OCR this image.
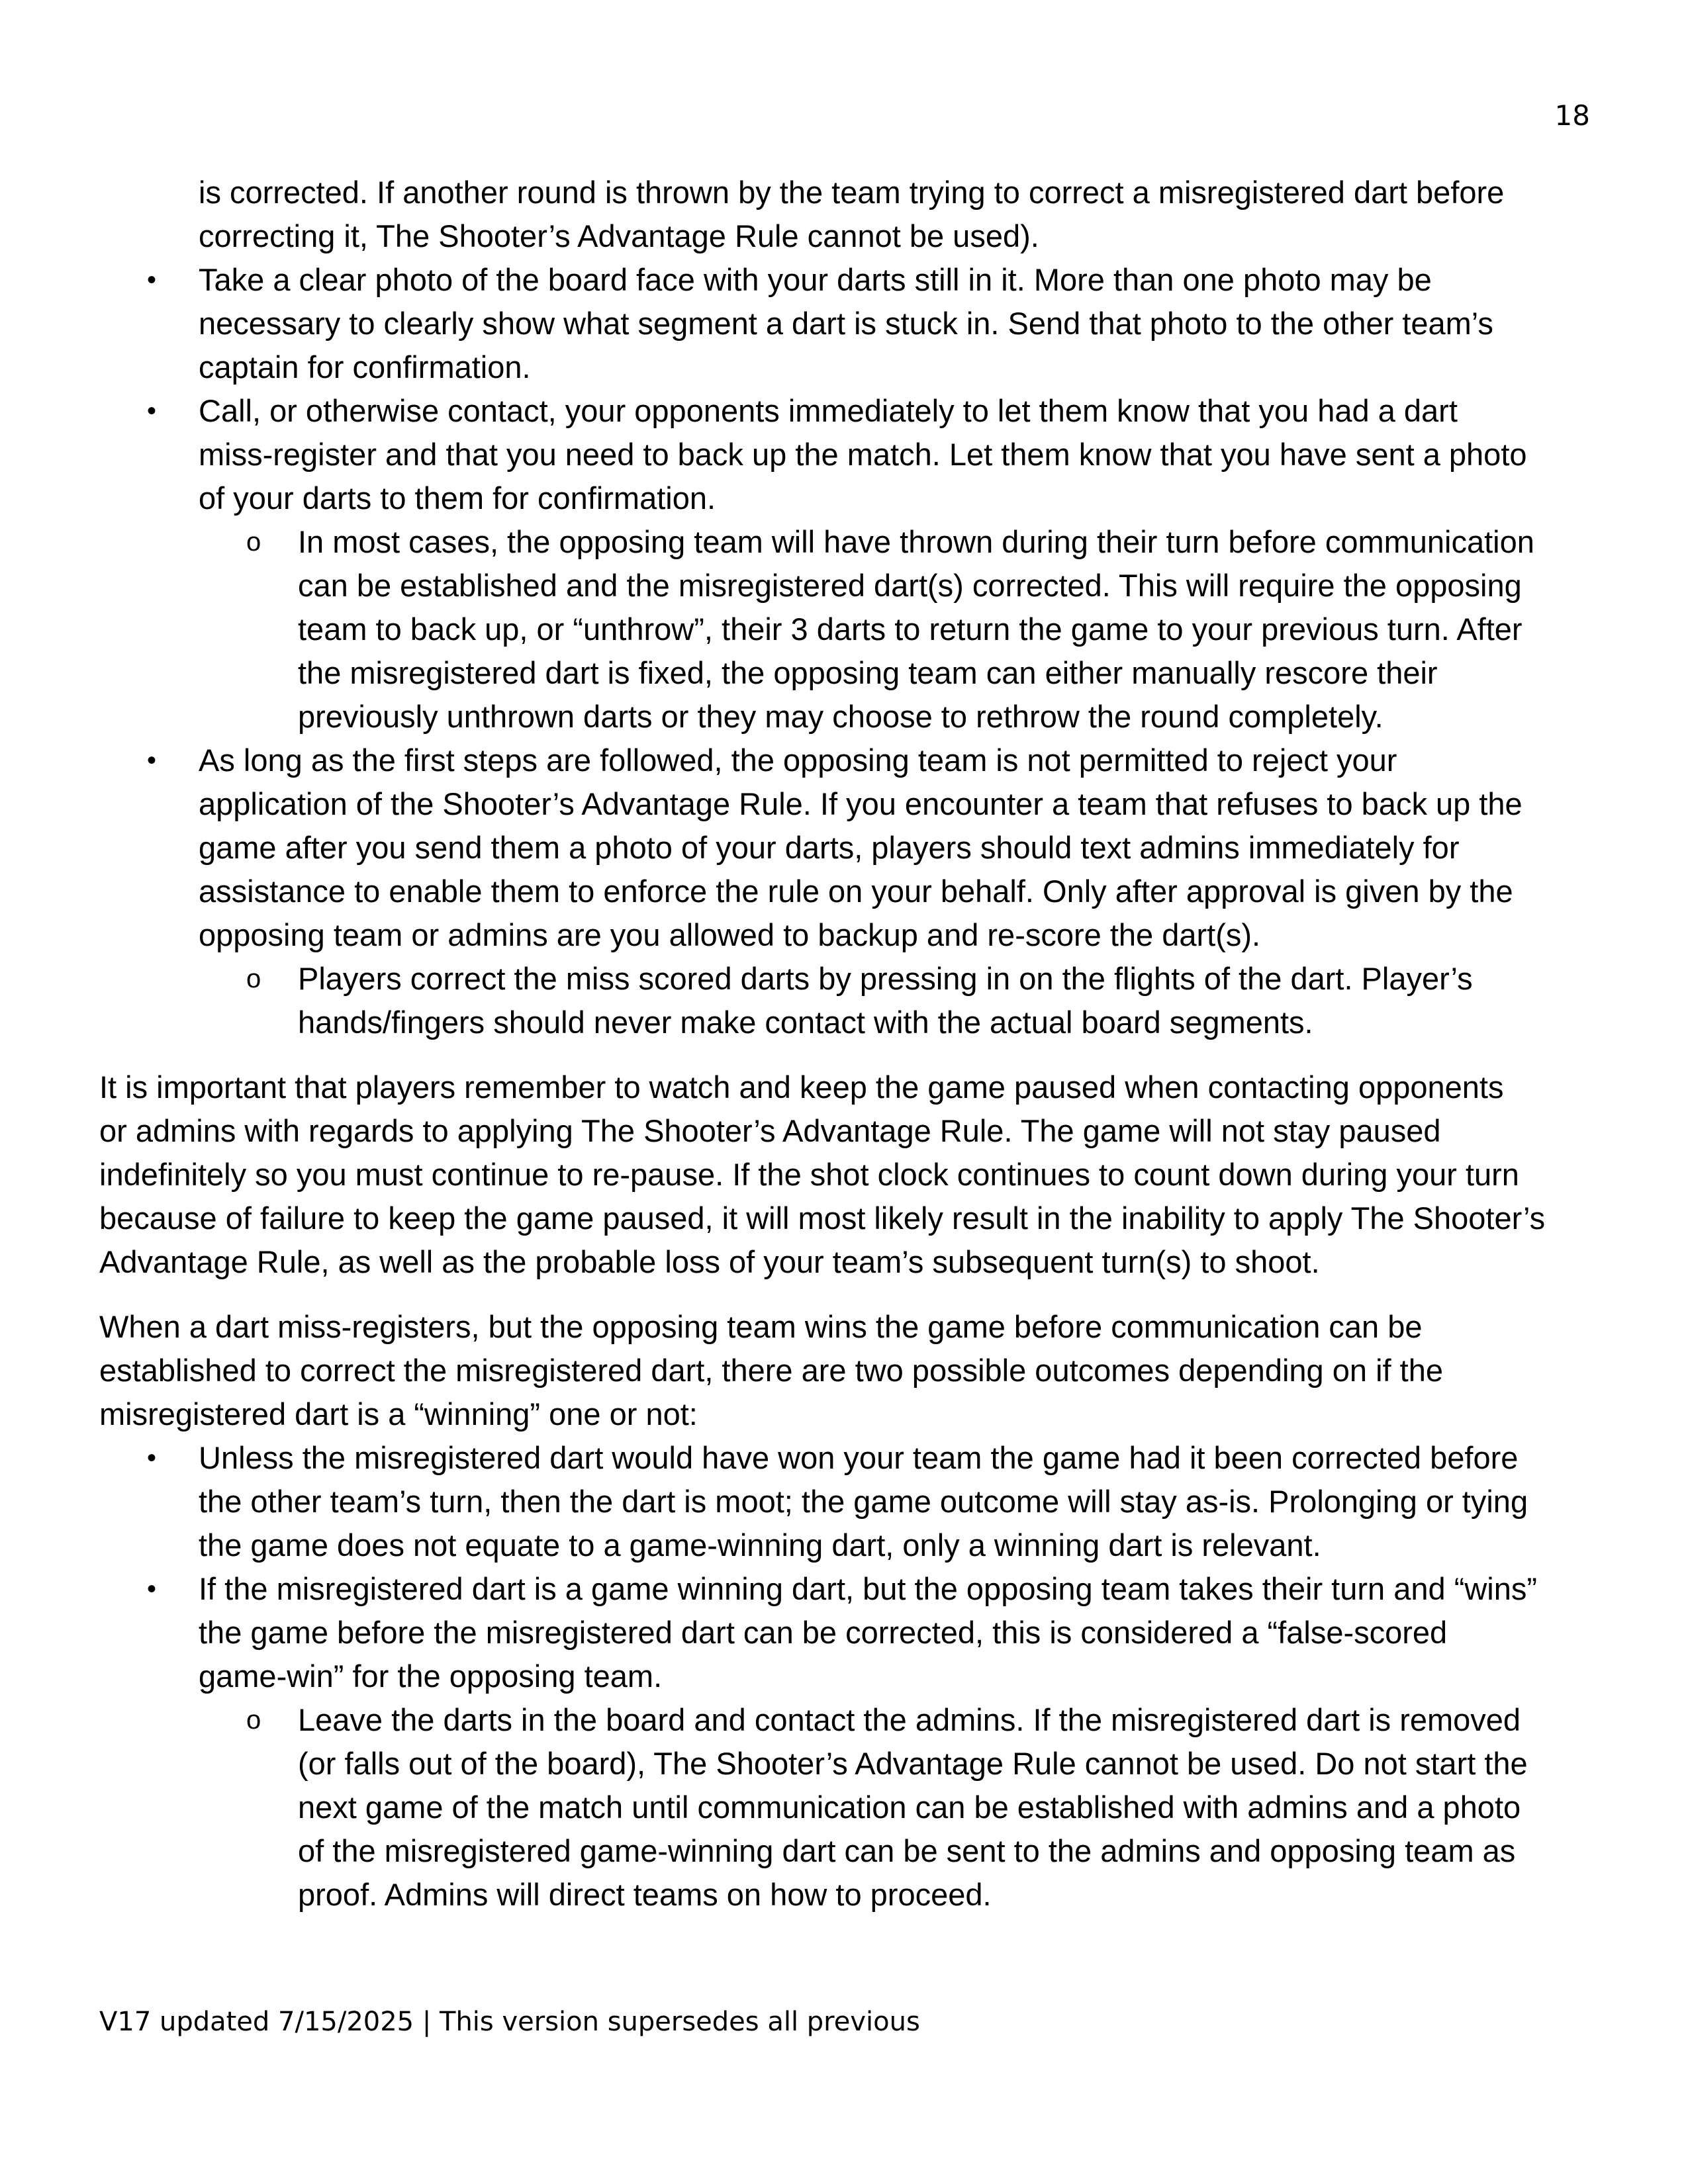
18
is corrected. If another round is thrown by the team trying to correct a misregistered dart before
correcting it, The Shooter’s Advantage Rule cannot be used).
• Take a clear photo of the board face with your darts still in it. More than one photo may be
necessary to clearly show what segment a dart is stuck in. Send that photo to the other team’s
captain for confirmation.
• Call, or otherwise contact, your opponents immediately to let them know that you had a dart
miss-register and that you need to back up the match. Let them know that you have sent a photo
of your darts to them for confirmation.
o In most cases, the opposing team will have thrown during their turn before communication
can be established and the misregistered dart(s) corrected. This will require the opposing
team to back up, or “unthrow”, their 3 darts to return the game to your previous turn. After
the misregistered dart is fixed, the opposing team can either manually rescore their
previously unthrown darts or they may choose to rethrow the round completely.
• As long as the first steps are followed, the opposing team is not permitted to reject your
application of the Shooter’s Advantage Rule. If you encounter a team that refuses to back up the
game after you send them a photo of your darts, players should text admins immediately for
assistance to enable them to enforce the rule on your behalf. Only after approval is given by the
opposing team or admins are you allowed to backup and re-score the dart(s).
o Players correct the miss scored darts by pressing in on the flights of the dart. Player’s
hands/fingers should never make contact with the actual board segments.
It is important that players remember to watch and keep the game paused when contacting opponents
or admins with regards to applying The Shooter’s Advantage Rule. The game will not stay paused
indefinitely so you must continue to re-pause. If the shot clock continues to count down during your turn
because of failure to keep the game paused, it will most likely result in the inability to apply The Shooter’s
Advantage Rule, as well as the probable loss of your team’s subsequent turn(s) to shoot.
When a dart miss-registers, but the opposing team wins the game before communication can be
established to correct the misregistered dart, there are two possible outcomes depending on if the
misregistered dart is a “winning” one or not:
• Unless the misregistered dart would have won your team the game had it been corrected before
the other team’s turn, then the dart is moot; the game outcome will stay as-is. Prolonging or tying
the game does not equate to a game-winning dart, only a winning dart is relevant.
• If the misregistered dart is a game winning dart, but the opposing team takes their turn and “wins”
the game before the misregistered dart can be corrected, this is considered a “false-scored
game-win” for the opposing team.
o Leave the darts in the board and contact the admins. If the misregistered dart is removed
(or falls out of the board), The Shooter’s Advantage Rule cannot be used. Do not start the
next game of the match until communication can be established with admins and a photo
of the misregistered game-winning dart can be sent to the admins and opposing team as
proof. Admins will direct teams on how to proceed.
V17 updated 7/15/2025 | This version supersedes all previous
